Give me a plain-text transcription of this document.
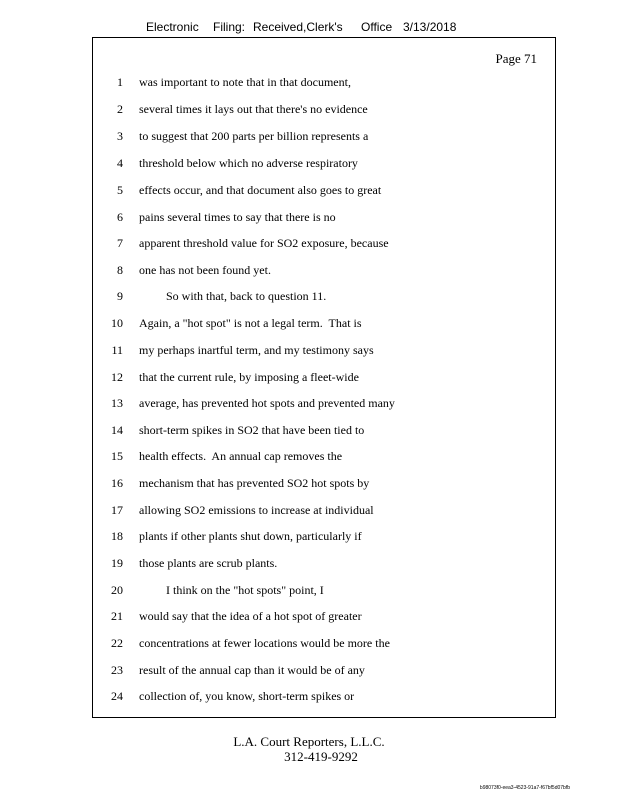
Electronic Filing: Received,Clerk's Office 3/13/2018
Page 71
1 was important to note that in that document,
2 several times it lays out that there's no evidence
3 to suggest that 200 parts per billion represents a
4 threshold below which no adverse respiratory
5 effects occur, and that document also goes to great
6 pains several times to say that there is no
7 apparent threshold value for SO2 exposure, because
8 one has not been found yet.
9 So with that, back to question 11.
10 Again, a "hot spot" is not a legal term.  That is
11 my perhaps inartful term, and my testimony says
12 that the current rule, by imposing a fleet-wide
13 average, has prevented hot spots and prevented many
14 short-term spikes in SO2 that have been tied to
15 health effects.  An annual cap removes the
16 mechanism that has prevented SO2 hot spots by
17 allowing SO2 emissions to increase at individual
18 plants if other plants shut down, particularly if
19 those plants are scrub plants.
20 I think on the "hot spots" point, I
21 would say that the idea of a hot spot of greater
22 concentrations at fewer locations would be more the
23 result of the annual cap than it would be of any
24 collection of, you know, short-term spikes or
L.A. Court Reporters, L.L.C.
312-419-9292
b98073f0-eea3-4523-91a7-f67bf5d07bfb
